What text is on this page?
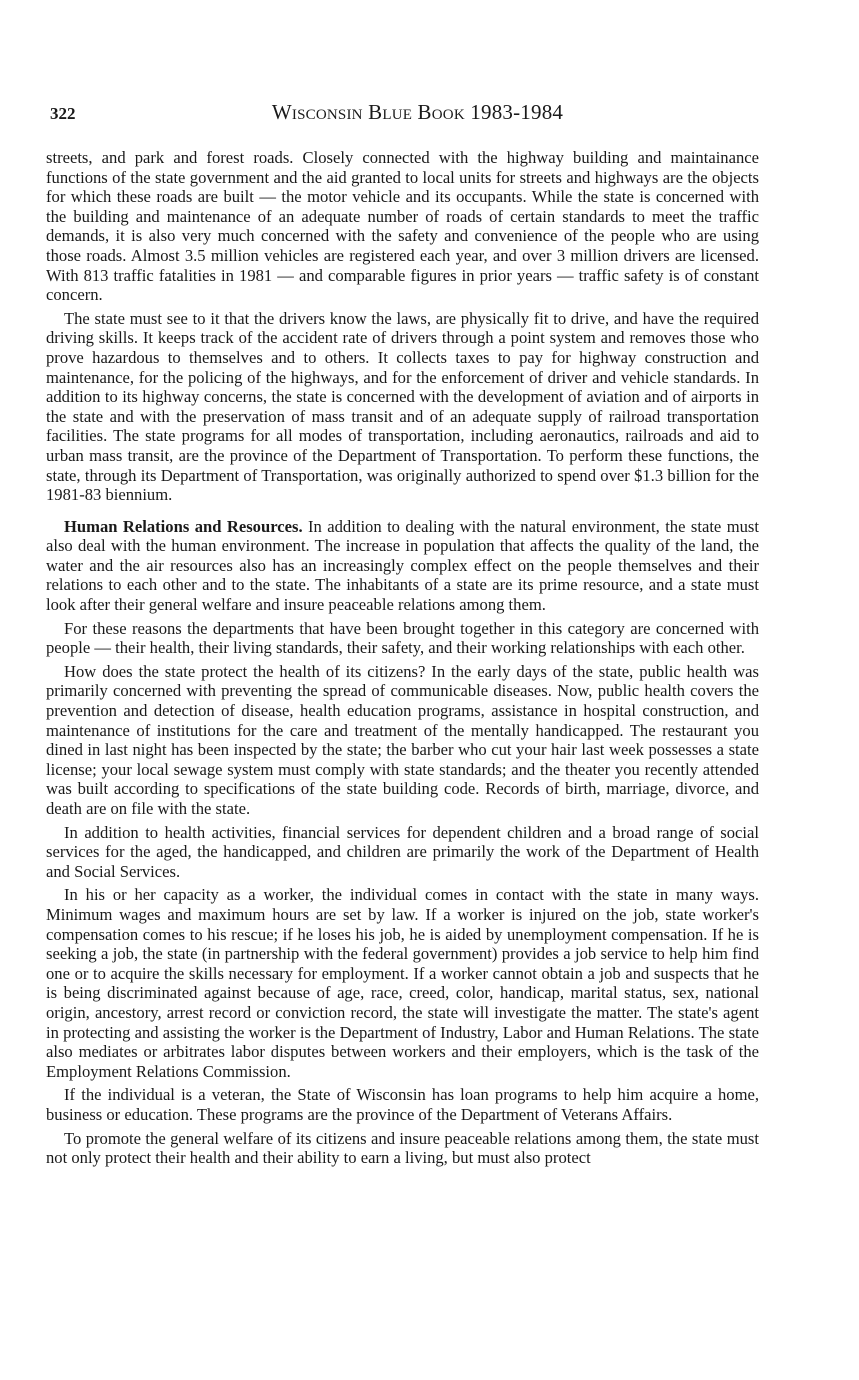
322	Wisconsin Blue Book 1983-1984

streets, and park and forest roads. Closely connected with the highway building and maintainance functions of the state government and the aid granted to local units for streets and highways are the objects for which these roads are built — the motor vehicle and its occupants. While the state is concerned with the building and maintenance of an adequate number of roads of certain standards to meet the traffic demands, it is also very much concerned with the safety and convenience of the people who are using those roads. Almost 3.5 million vehicles are registered each year, and over 3 million drivers are licensed. With 813 traffic fatalities in 1981 — and comparable figures in prior years — traffic safety is of constant concern.

The state must see to it that the drivers know the laws, are physically fit to drive, and have the required driving skills. It keeps track of the accident rate of drivers through a point system and removes those who prove hazardous to themselves and to others. It collects taxes to pay for highway construction and maintenance, for the policing of the highways, and for the enforcement of driver and vehicle standards. In addition to its highway concerns, the state is concerned with the development of aviation and of airports in the state and with the preservation of mass transit and of an adequate supply of railroad transportation facilities. The state programs for all modes of transportation, including aeronautics, railroads and aid to urban mass transit, are the province of the Department of Transportation. To perform these functions, the state, through its Department of Transportation, was originally authorized to spend over $1.3 billion for the 1981-83 biennium.

Human Relations and Resources. In addition to dealing with the natural environment, the state must also deal with the human environment. The increase in population that affects the quality of the land, the water and the air resources also has an increasingly complex effect on the people themselves and their relations to each other and to the state. The inhabitants of a state are its prime resource, and a state must look after their general welfare and insure peaceable relations among them.

For these reasons the departments that have been brought together in this category are concerned with people — their health, their living standards, their safety, and their working relationships with each other.

How does the state protect the health of its citizens? In the early days of the state, public health was primarily concerned with preventing the spread of communicable diseases. Now, public health covers the prevention and detection of disease, health education programs, assistance in hospital construction, and maintenance of institutions for the care and treatment of the mentally handicapped. The restaurant you dined in last night has been inspected by the state; the barber who cut your hair last week possesses a state license; your local sewage system must comply with state standards; and the theater you recently attended was built according to specifications of the state building code. Records of birth, marriage, divorce, and death are on file with the state.

In addition to health activities, financial services for dependent children and a broad range of social services for the aged, the handicapped, and children are primarily the work of the Department of Health and Social Services.

In his or her capacity as a worker, the individual comes in contact with the state in many ways. Minimum wages and maximum hours are set by law. If a worker is injured on the job, state worker's compensation comes to his rescue; if he loses his job, he is aided by unemployment compensation. If he is seeking a job, the state (in partnership with the federal government) provides a job service to help him find one or to acquire the skills necessary for employment. If a worker cannot obtain a job and suspects that he is being discriminated against because of age, race, creed, color, handicap, marital status, sex, national origin, ancestory, arrest record or conviction record, the state will investigate the matter. The state's agent in protecting and assisting the worker is the Department of Industry, Labor and Human Relations. The state also mediates or arbitrates labor disputes between workers and their employers, which is the task of the Employment Relations Commission.

If the individual is a veteran, the State of Wisconsin has loan programs to help him acquire a home, business or education. These programs are the province of the Department of Veterans Affairs.

To promote the general welfare of its citizens and insure peaceable relations among them, the state must not only protect their health and their ability to earn a living, but must also protect
